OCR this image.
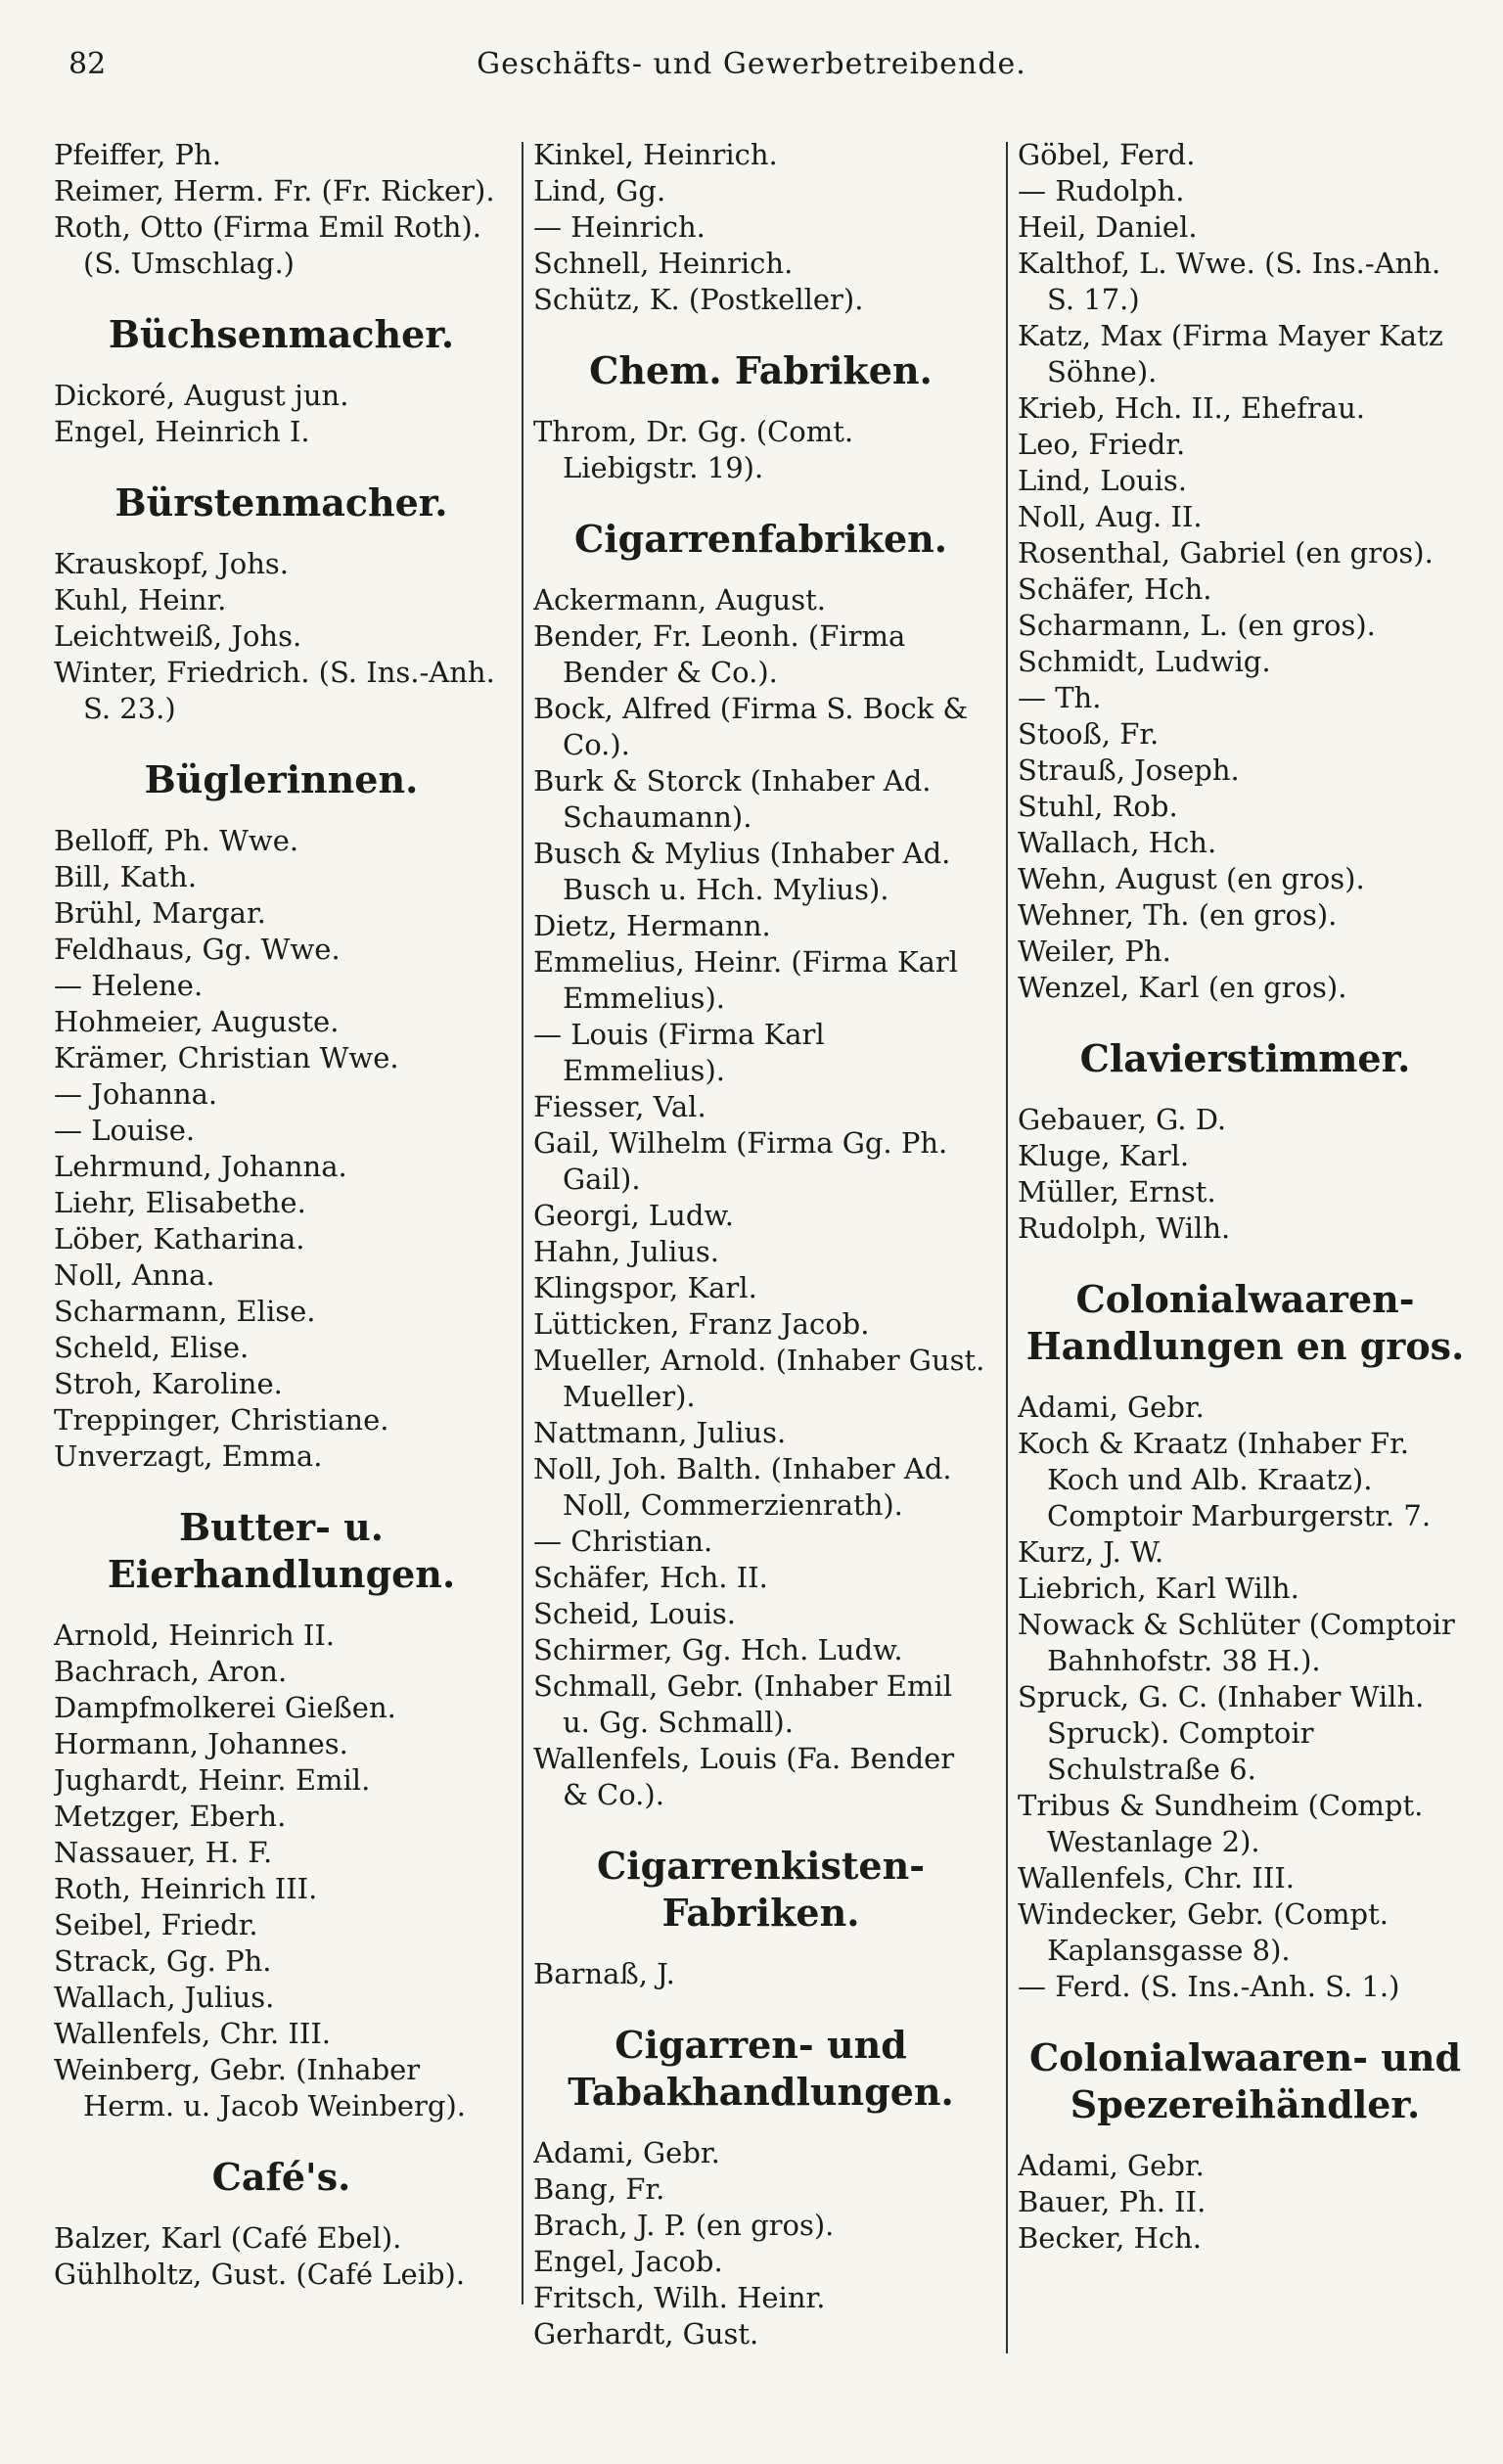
82	Geschäfts- und Gewerbetreibende.
Pfeiffer, Ph.
Reimer, Herm. Fr. (Fr. Ricker).
Roth, Otto (Firma Emil Roth). (S. Umschlag.)
Büchsenmacher.
Dickoré, August jun.
Engel, Heinrich I.
Bürstenmacher.
Krauskopf, Johs.
Kuhl, Heinr.
Leichtweiß, Johs.
Winter, Friedrich. (S. Ins.-Anh. S. 23.)
Büglerinnen.
Belloff, Ph. Wwe.
Bill, Kath.
Brühl, Margar.
Feldhaus, Gg. Wwe.
— Helene.
Hohmeier, Auguste.
Krämer, Christian Wwe.
— Johanna.
— Louise.
Lehrmund, Johanna.
Liehr, Elisabethe.
Löber, Katharina.
Noll, Anna.
Scharmann, Elise.
Scheld, Elise.
Stroh, Karoline.
Treppinger, Christiane.
Unverzagt, Emma.
Butter- u. Eierhandlungen.
Arnold, Heinrich II.
Bachrach, Aron.
Dampfmolkerei Gießen.
Hormann, Johannes.
Jughardt, Heinr. Emil.
Metzger, Eberh.
Nassauer, H. F.
Roth, Heinrich III.
Seibel, Friedr.
Strack, Gg. Ph.
Wallach, Julius.
Wallenfels, Chr. III.
Weinberg, Gebr. (Inhaber Herm. u. Jacob Weinberg).
Café's.
Balzer, Karl (Café Ebel).
Gühlholtz, Gust. (Café Leib).
Kinkel, Heinrich.
Lind, Gg.
— Heinrich.
Schnell, Heinrich.
Schütz, K. (Postkeller).
Chem. Fabriken.
Throm, Dr. Gg. (Comt. Liebigstr. 19).
Cigarrenfabriken.
Ackermann, August.
Bender, Fr. Leonh. (Firma Bender & Co.).
Bock, Alfred (Firma S. Bock & Co.).
Burk & Storck (Inhaber Ad. Schaumann).
Busch & Mylius (Inhaber Ad. Busch u. Hch. Mylius).
Dietz, Hermann.
Emmelius, Heinr. (Firma Karl Emmelius).
— Louis (Firma Karl Emmelius).
Fiesser, Val.
Gail, Wilhelm (Firma Gg. Ph. Gail).
Georgi, Ludw.
Hahn, Julius.
Klingspor, Karl.
Lütticken, Franz Jacob.
Mueller, Arnold. (Inhaber Gust. Mueller).
Nattmann, Julius.
Noll, Joh. Balth. (Inhaber Ad. Noll, Commerzienrath).
— Christian.
Schäfer, Hch. II.
Scheid, Louis.
Schirmer, Gg. Hch. Ludw.
Schmall, Gebr. (Inhaber Emil u. Gg. Schmall).
Wallenfels, Louis (Fa. Bender & Co.).
Cigarrenkisten-Fabriken.
Barnaß, J.
Cigarren- und Tabakhandlungen.
Adami, Gebr.
Bang, Fr.
Brach, J. P. (en gros).
Engel, Jacob.
Fritsch, Wilh. Heinr.
Gerhardt, Gust.
Göbel, Ferd.
— Rudolph.
Heil, Daniel.
Kalthof, L. Wwe. (S. Ins.-Anh. S. 17.)
Katz, Max (Firma Mayer Katz Söhne).
Krieb, Hch. II., Ehefrau.
Leo, Friedr.
Lind, Louis.
Noll, Aug. II.
Rosenthal, Gabriel (en gros).
Schäfer, Hch.
Scharmann, L. (en gros).
Schmidt, Ludwig.
— Th.
Stooß, Fr.
Strauß, Joseph.
Stuhl, Rob.
Wallach, Hch.
Wehn, August (en gros).
Wehner, Th. (en gros).
Weiler, Ph.
Wenzel, Karl (en gros).
Clavierstimmer.
Gebauer, G. D.
Kluge, Karl.
Müller, Ernst.
Rudolph, Wilh.
Colonialwaaren-Handlungen en gros.
Adami, Gebr.
Koch & Kraatz (Inhaber Fr. Koch und Alb. Kraatz). Comptoir Marburgerstr. 7.
Kurz, J. W.
Liebrich, Karl Wilh.
Nowack & Schlüter (Comptoir Bahnhofstr. 38 H.).
Spruck, G. C. (Inhaber Wilh. Spruck). Comptoir Schulstraße 6.
Tribus & Sundheim (Compt. Westanlage 2).
Wallenfels, Chr. III.
Windecker, Gebr. (Compt. Kaplansgasse 8).
— Ferd. (S. Ins.-Anh. S. 1.)
Colonialwaaren- und Spezereihändler.
Adami, Gebr.
Bauer, Ph. II.
Becker, Hch.
